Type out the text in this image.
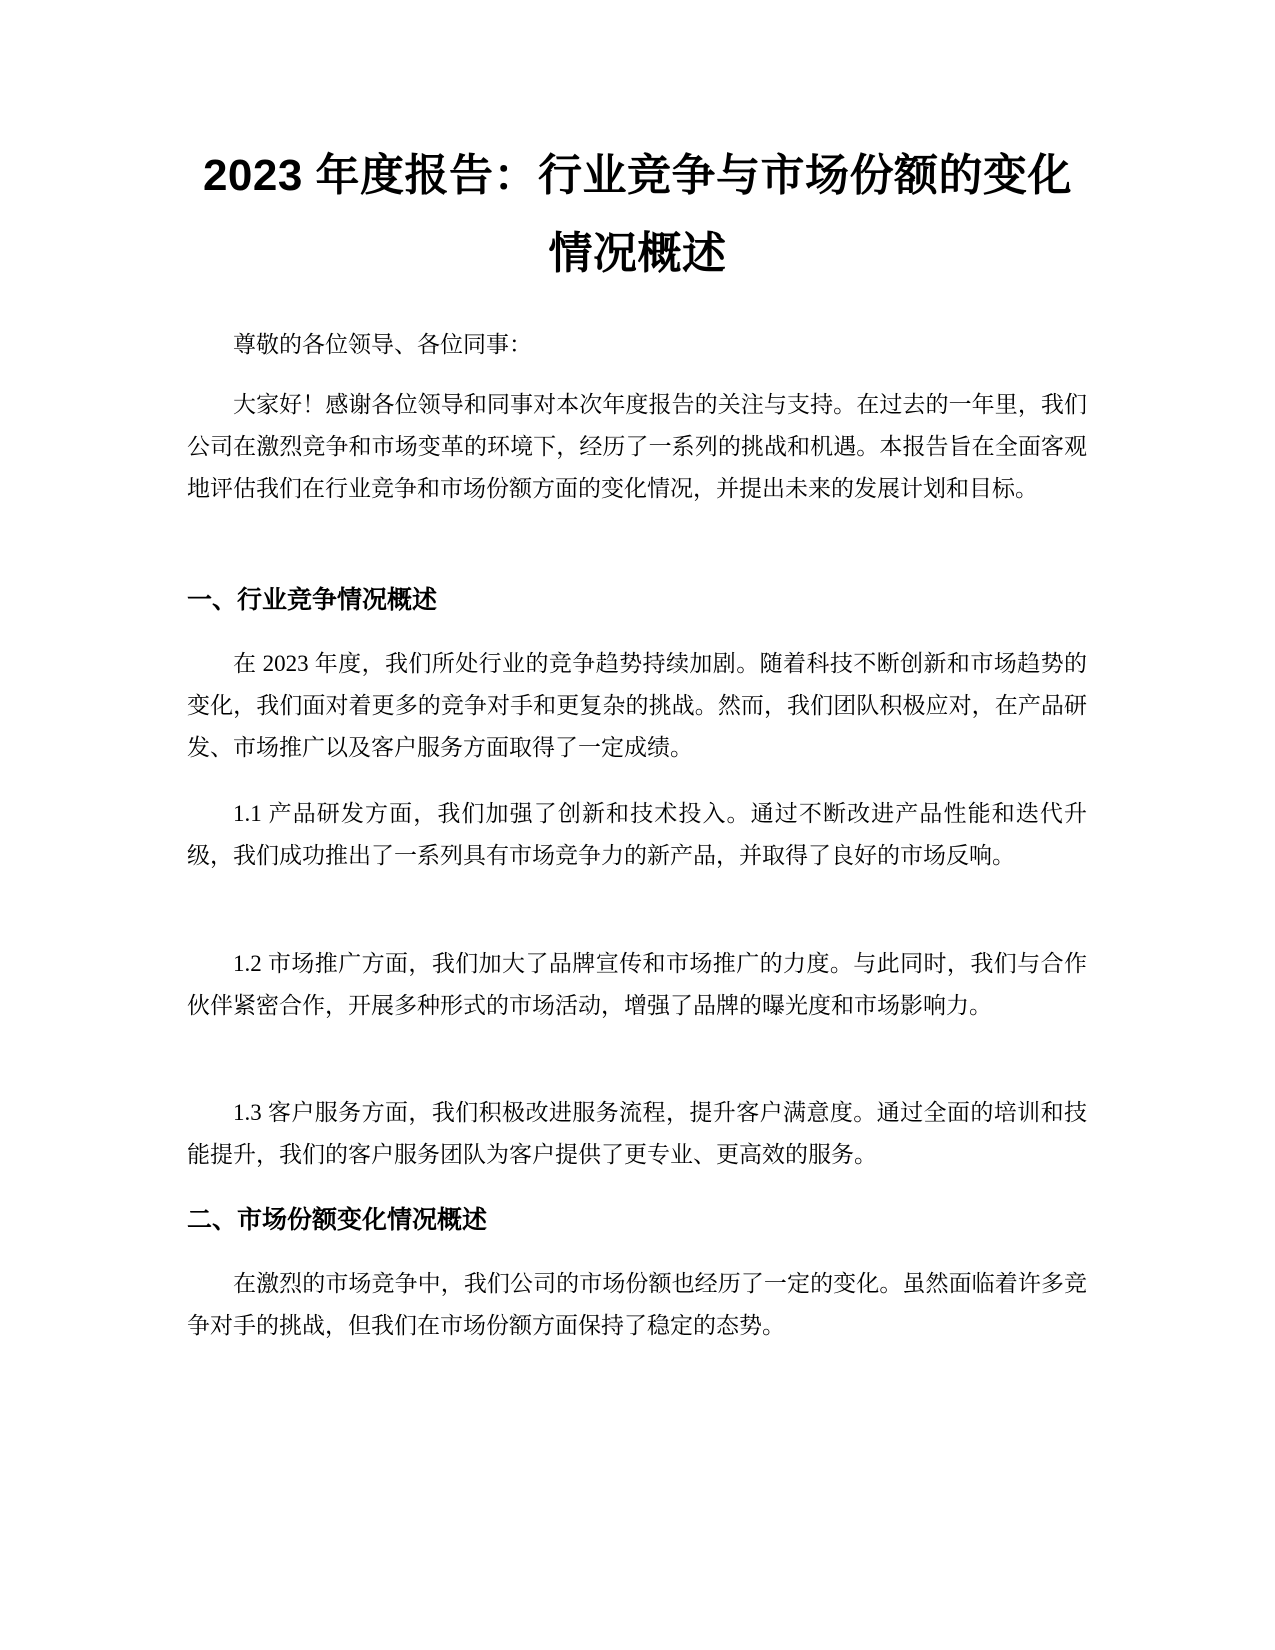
2023 年度报告：行业竞争与市场份额的变化
情况概述

尊敬的各位领导、各位同事：

大家好！感谢各位领导和同事对本次年度报告的关注与支持。在过去的一年里，我们公司在激烈竞争和市场变革的环境下，经历了一系列的挑战和机遇。本报告旨在全面客观地评估我们在行业竞争和市场份额方面的变化情况，并提出未来的发展计划和目标。

一、行业竞争情况概述

在 2023 年度，我们所处行业的竞争趋势持续加剧。随着科技不断创新和市场趋势的变化，我们面对着更多的竞争对手和更复杂的挑战。然而，我们团队积极应对，在产品研发、市场推广以及客户服务方面取得了一定成绩。

1.1 产品研发方面，我们加强了创新和技术投入。通过不断改进产品性能和迭代升级，我们成功推出了一系列具有市场竞争力的新产品，并取得了良好的市场反响。

1.2 市场推广方面，我们加大了品牌宣传和市场推广的力度。与此同时，我们与合作伙伴紧密合作，开展多种形式的市场活动，增强了品牌的曝光度和市场影响力。

1.3 客户服务方面，我们积极改进服务流程，提升客户满意度。通过全面的培训和技能提升，我们的客户服务团队为客户提供了更专业、更高效的服务。

二、市场份额变化情况概述

在激烈的市场竞争中，我们公司的市场份额也经历了一定的变化。虽然面临着许多竞争对手的挑战，但我们在市场份额方面保持了稳定的态势。
